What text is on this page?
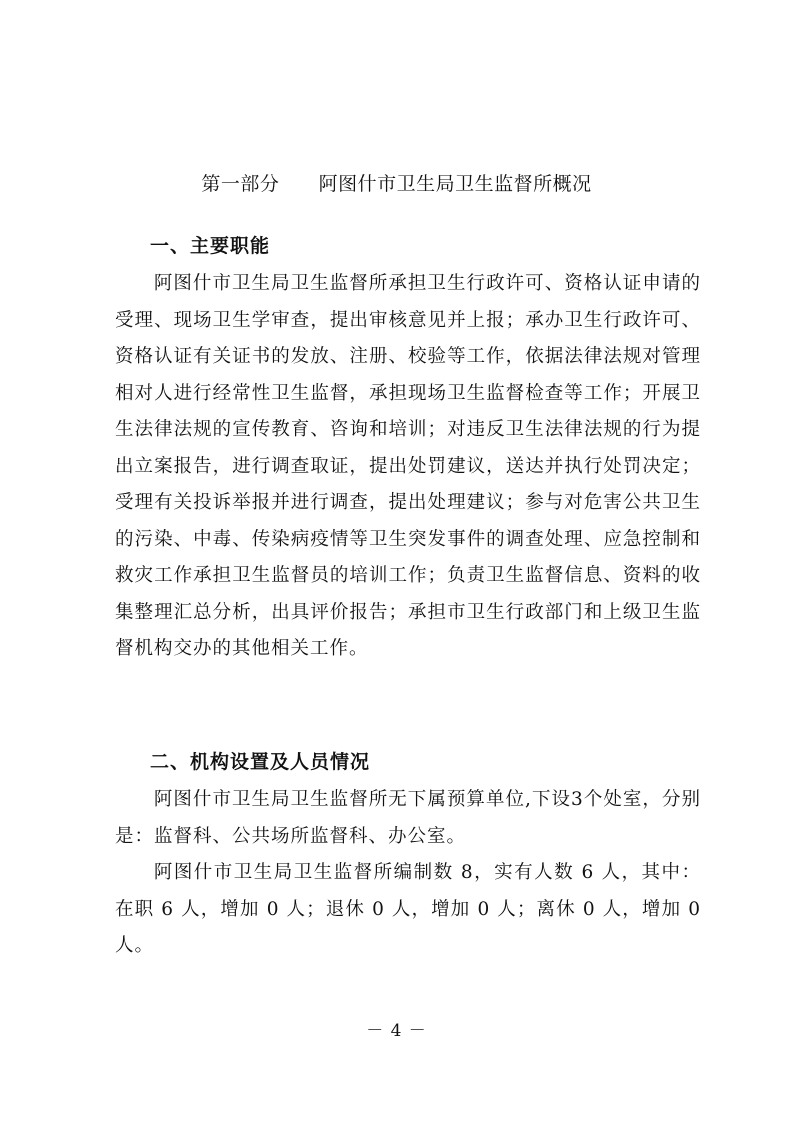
第一部分      阿图什市卫生局卫生监督所概况
一、主要职能

阿图什市卫生局卫生监督所承担卫生行政许可、资格认证申请的受理、现场卫生学审查，提出审核意见并上报；承办卫生行政许可、资格认证有关证书的发放、注册、校验等工作，依据法律法规对管理相对人进行经常性卫生监督，承担现场卫生监督检查等工作；开展卫生法律法规的宣传教育、咨询和培训；对违反卫生法律法规的行为提出立案报告，进行调查取证，提出处罚建议，送达并执行处罚决定；受理有关投诉举报并进行调查，提出处理建议；参与对危害公共卫生的污染、中毒、传染病疫情等卫生突发事件的调查处理、应急控制和救灾工作承担卫生监督员的培训工作；负责卫生监督信息、资料的收集整理汇总分析，出具评价报告；承担市卫生行政部门和上级卫生监督机构交办的其他相关工作。

二、机构设置及人员情况

阿图什市卫生局卫生监督所无下属预算单位,下设3个处室，分别是：监督科、公共场所监督科、办公室。

阿图什市卫生局卫生监督所编制数 8，实有人数 6 人，其中：在职 6 人，增加 0 人；退休 0 人，增加 0 人；离休 0 人，增加 0 人。

－ 4 －
